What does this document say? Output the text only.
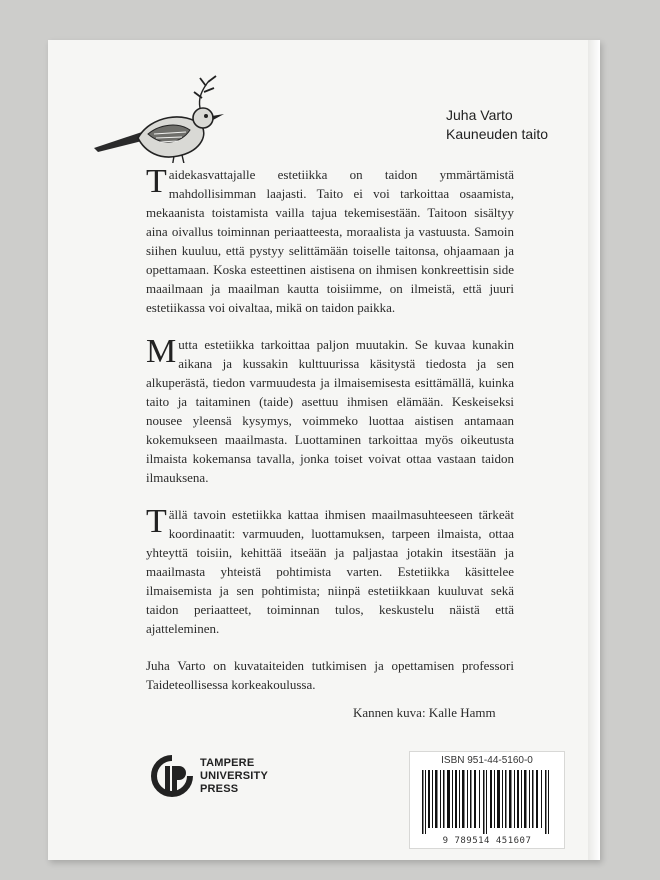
Juha Varto
Kauneuden taito

Taidekasvattajalle estetiikka on taidon ymmärtämistä mahdollisimman laajasti. Taito ei voi tarkoittaa osaamista, mekaanista toistamista vailla tajua tekemisestään. Taitoon sisältyy aina oivallus toiminnan periaatteesta, moraalista ja vastuusta. Samoin siihen kuuluu, että pystyy selittämään toiselle taitonsa, ohjaamaan ja opettamaan. Koska esteettinen aistisena on ihmisen konkreettisin side maailmaan ja maailman kautta toisiimme, on ilmeistä, että juuri estetiikassa voi oivaltaa, mikä on taidon paikka.

Mutta estetiikka tarkoittaa paljon muutakin. Se kuvaa kunakin aikana ja kussakin kulttuurissa käsitystä tiedosta ja sen alkuperästä, tiedon varmuudesta ja ilmaisemisesta esittämällä, kuinka taito ja taitaminen (taide) asettuu ihmisen elämään. Keskeiseksi nousee yleensä kysymys, voimmeko luottaa aistisen antamaan kokemukseen maailmasta. Luottaminen tarkoittaa myös oikeutusta ilmaista kokemansa tavalla, jonka toiset voivat ottaa vastaan taidon ilmauksena.

Tällä tavoin estetiikka kattaa ihmisen maailmasuhteeseen tärkeät koordinaatit: varmuuden, luottamuksen, tarpeen ilmaista, ottaa yhteyttä toisiin, kehittää itseään ja paljastaa jotakin itsestään ja maailmasta yhteistä pohtimista varten. Estetiikka käsittelee ilmaisemista ja sen pohtimista; niinpä estetiikkaan kuuluvat sekä taidon periaatteet, toiminnan tulos, keskustelu näistä että ajatteleminen.

Juha Varto on kuvataiteiden tutkimisen ja opettamisen professori Taideteollisessa korkeakoulussa.

Kannen kuva: Kalle Hamm
TAMPERE
UNIVERSITY
PRESS
ISBN 951-44-5160-0
9 789514 451607
